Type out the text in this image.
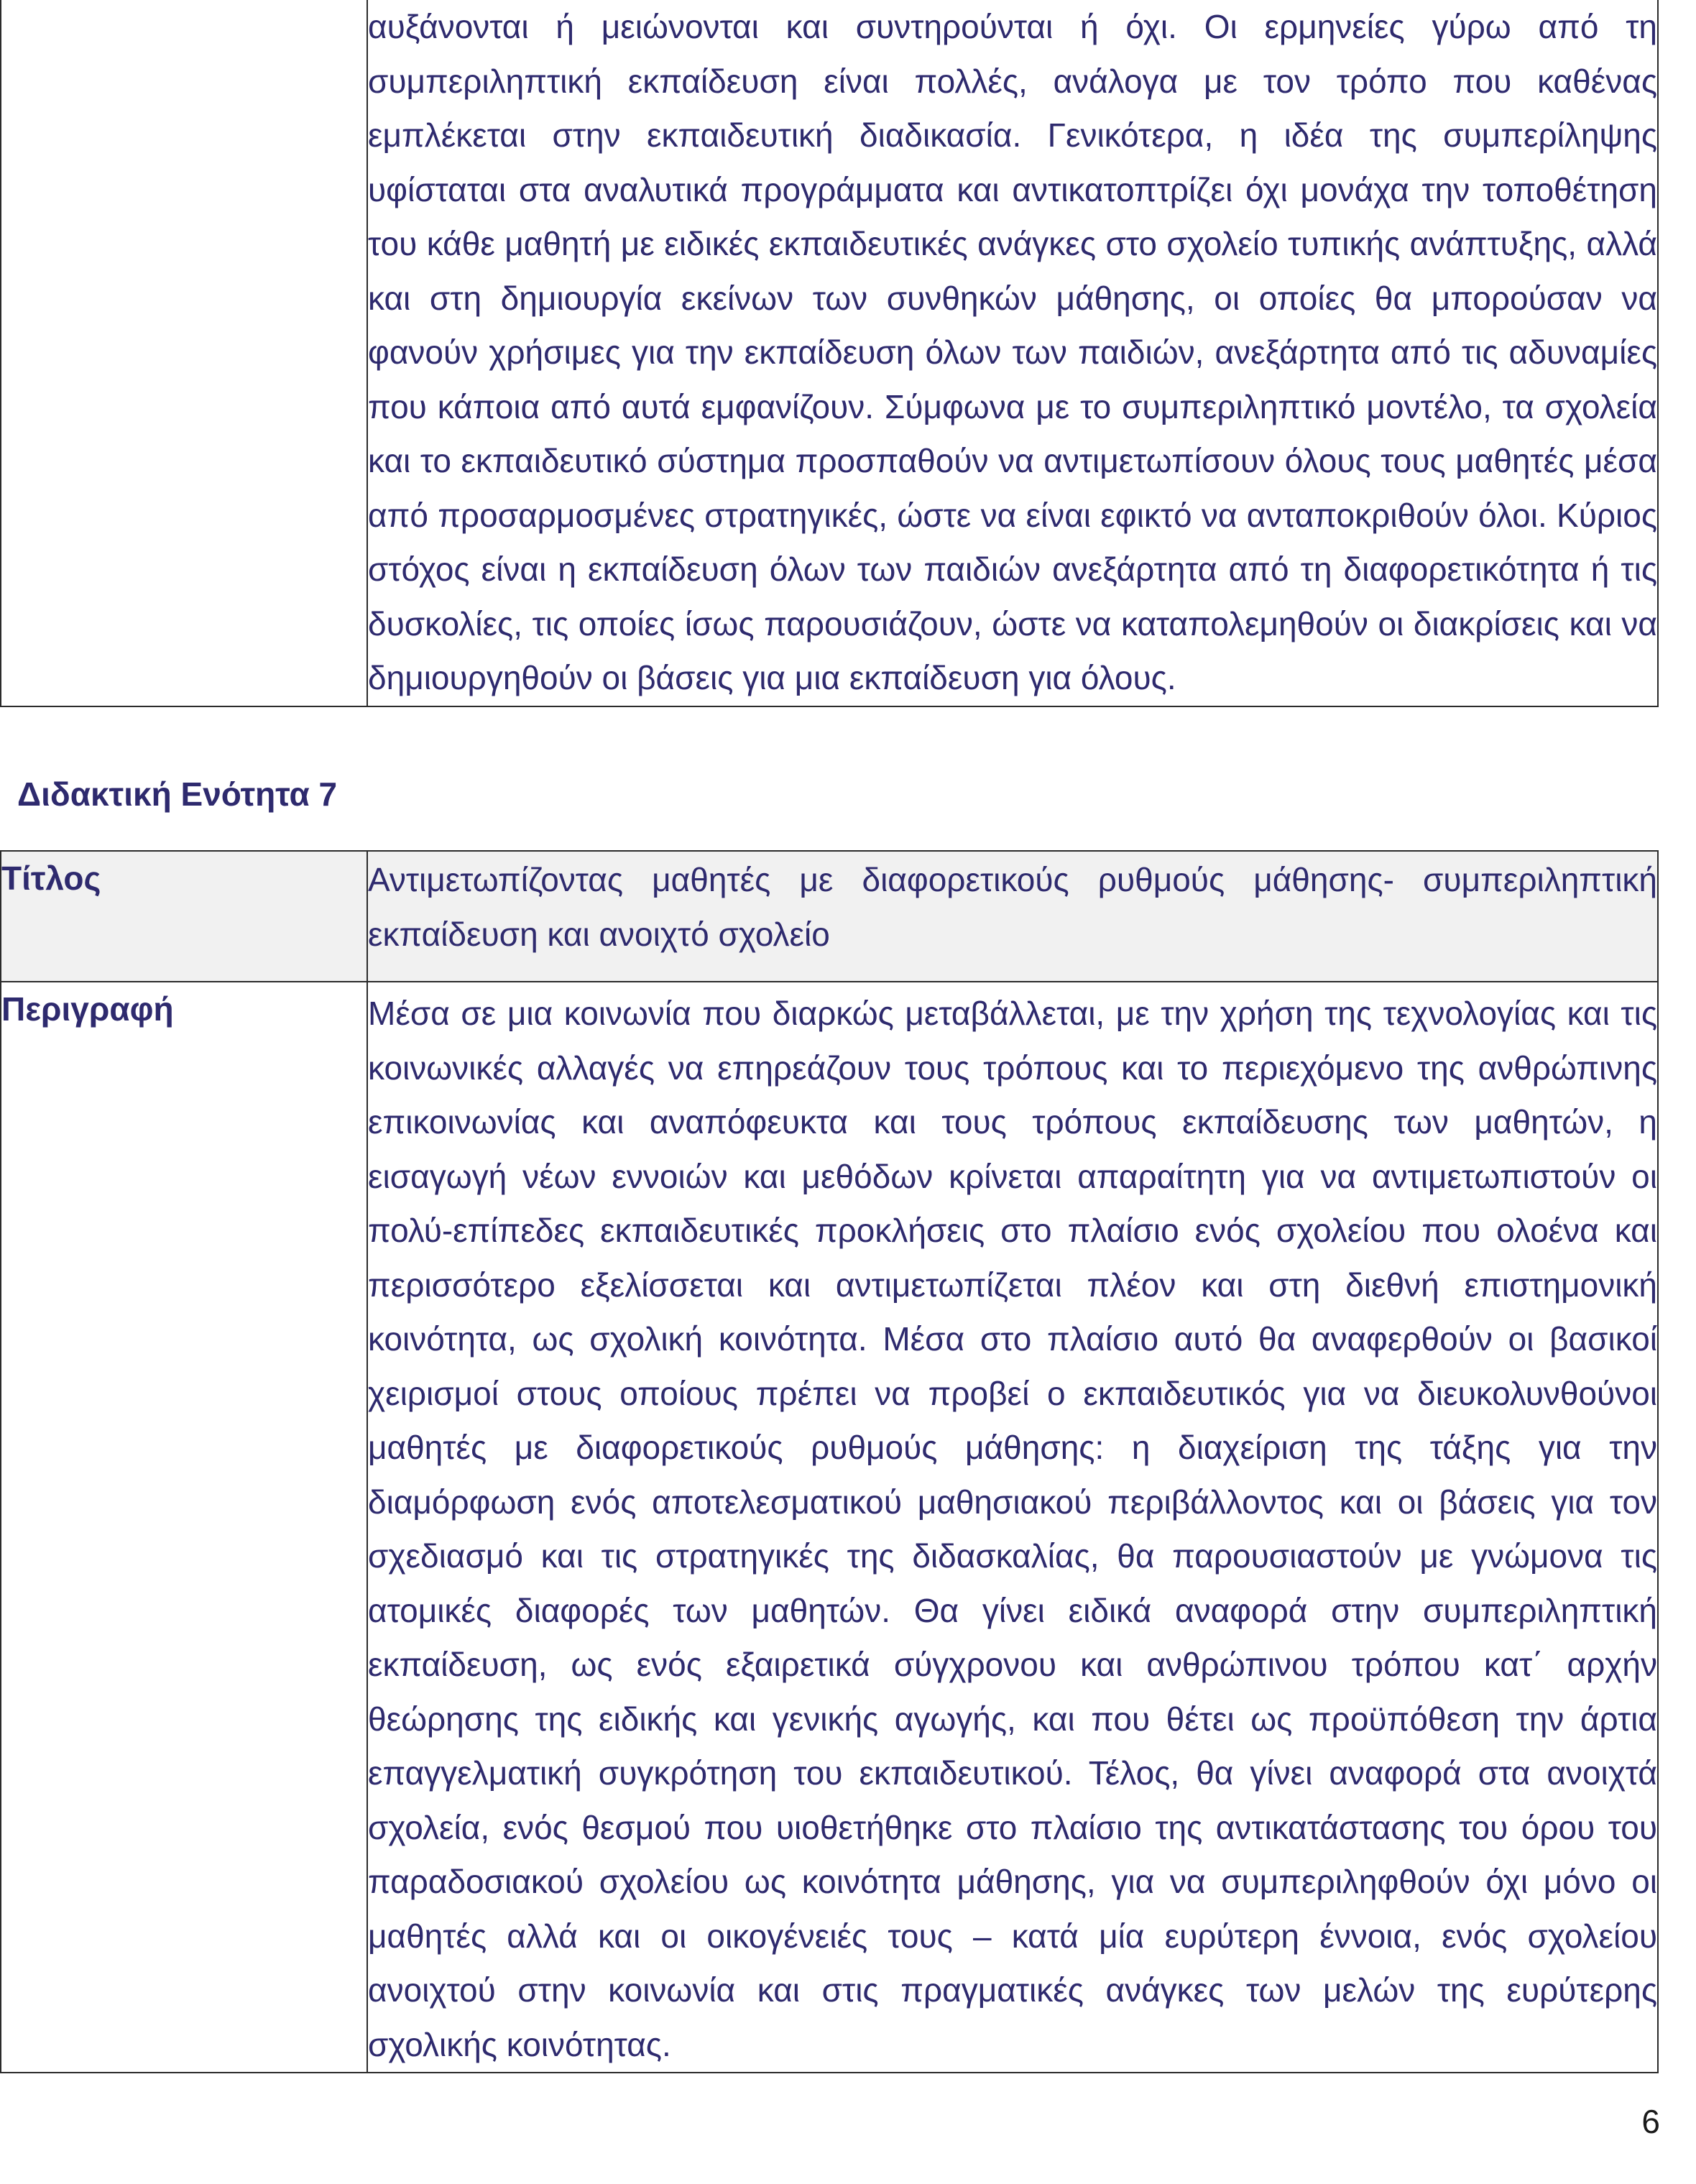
	αυξάνονται ή μειώνονται και συντηρούνται ή όχι. Οι ερμηνείες γύρω από τη συμπεριληπτική εκπαίδευση είναι πολλές, ανάλογα με τον τρόπο που καθένας εμπλέκεται στην εκπαιδευτική διαδικασία. Γενικότερα, η ιδέα της συμπερίληψης υφίσταται στα αναλυτικά προγράμματα και αντικατοπτρίζει όχι μονάχα την τοποθέτηση του κάθε μαθητή με ειδικές εκπαιδευτικές ανάγκες στο σχολείο τυπικής ανάπτυξης, αλλά και στη δημιουργία εκείνων των συνθηκών μάθησης, οι οποίες θα μπορούσαν να φανούν χρήσιμες για την εκπαίδευση όλων των παιδιών, ανεξάρτητα από τις αδυναμίες που κάποια από αυτά εμφανίζουν. Σύμφωνα με το συμπεριληπτικό μοντέλο, τα σχολεία και το εκπαιδευτικό σύστημα προσπαθούν να αντιμετωπίσουν όλους τους μαθητές μέσα από προσαρμοσμένες στρατηγικές, ώστε να είναι εφικτό να ανταποκριθούν όλοι. Κύριος στόχος είναι η εκπαίδευση όλων των παιδιών ανεξάρτητα από τη διαφορετικότητα ή τις δυσκολίες, τις οποίες ίσως παρουσιάζουν, ώστε να καταπολεμηθούν οι διακρίσεις και να δημιουργηθούν οι βάσεις για μια εκπαίδευση για όλους.
Διδακτική Ενότητα 7
Τίτλος	Αντιμετωπίζοντας μαθητές με διαφορετικούς ρυθμούς μάθησης- συμπεριληπτική εκπαίδευση και ανοιχτό σχολείο
Περιγραφή	Μέσα σε μια κοινωνία που διαρκώς μεταβάλλεται, με την χρήση της τεχνολογίας και τις κοινωνικές αλλαγές να επηρεάζουν τους τρόπους και το περιεχόμενο της ανθρώπινης επικοινωνίας και αναπόφευκτα και τους τρόπους εκπαίδευσης των μαθητών, η εισαγωγή νέων εννοιών και μεθόδων κρίνεται απαραίτητη για να αντιμετωπιστούν οι πολύ-επίπεδες εκπαιδευτικές προκλήσεις στο πλαίσιο ενός σχολείου που ολοένα και περισσότερο εξελίσσεται και αντιμετωπίζεται πλέον και στη διεθνή επιστημονική κοινότητα, ως σχολική κοινότητα. Μέσα στο πλαίσιο αυτό θα αναφερθούν οι βασικοί χειρισμοί στους οποίους πρέπει να προβεί ο εκπαιδευτικός για να διευκολυνθούνοι μαθητές με διαφορετικούς ρυθμούς μάθησης: η διαχείριση της τάξης για την διαμόρφωση ενός αποτελεσματικού μαθησιακού περιβάλλοντος και οι βάσεις για τον σχεδιασμό και τις στρατηγικές της διδασκαλίας, θα παρουσιαστούν με γνώμονα τις ατομικές διαφορές των μαθητών. Θα γίνει ειδικά αναφορά στην συμπεριληπτική εκπαίδευση, ως ενός εξαιρετικά σύγχρονου και ανθρώπινου τρόπου κατ΄ αρχήν θεώρησης της ειδικής και γενικής αγωγής, και που θέτει ως προϋπόθεση την άρτια επαγγελματική συγκρότηση του εκπαιδευτικού. Τέλος, θα γίνει αναφορά στα ανοιχτά σχολεία, ενός θεσμού που υιοθετήθηκε στο πλαίσιο της αντικατάστασης του όρου του παραδοσιακού σχολείου ως κοινότητα μάθησης, για να συμπεριληφθούν όχι μόνο οι μαθητές αλλά και οι οικογένειές τους – κατά μία ευρύτερη έννοια, ενός σχολείου ανοιχτού στην κοινωνία και στις πραγματικές ανάγκες των μελών της ευρύτερης σχολικής κοινότητας.
6
